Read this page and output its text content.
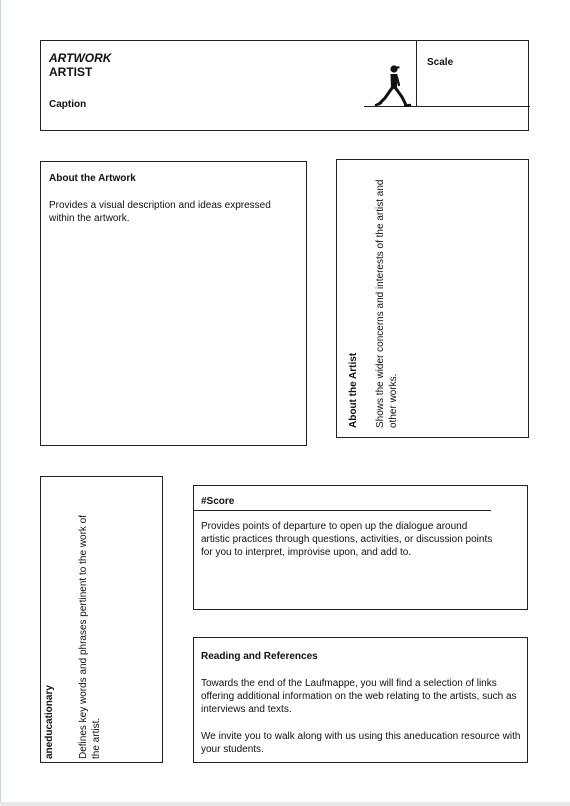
ARTWORK
ARTIST
Caption
Scale
About the Artwork
Provides a visual description and ideas expressed within the artwork.
About the Artist Shows the wider concerns and interests of the artist and other works.
aneducationary Defines key words and phrases pertinent to the work of the artist.
#Score
Provides points of departure to open up the dialogue around artistic practices through questions, activities, or discussion points for you to interpret, improvise upon, and add to.
Reading and References
Towards the end of the Laufmappe, you will find a selection of links offering additional information on the web relating to the artists, such as interviews and texts.
We invite you to walk along with us using this aneducation resource with your students.
